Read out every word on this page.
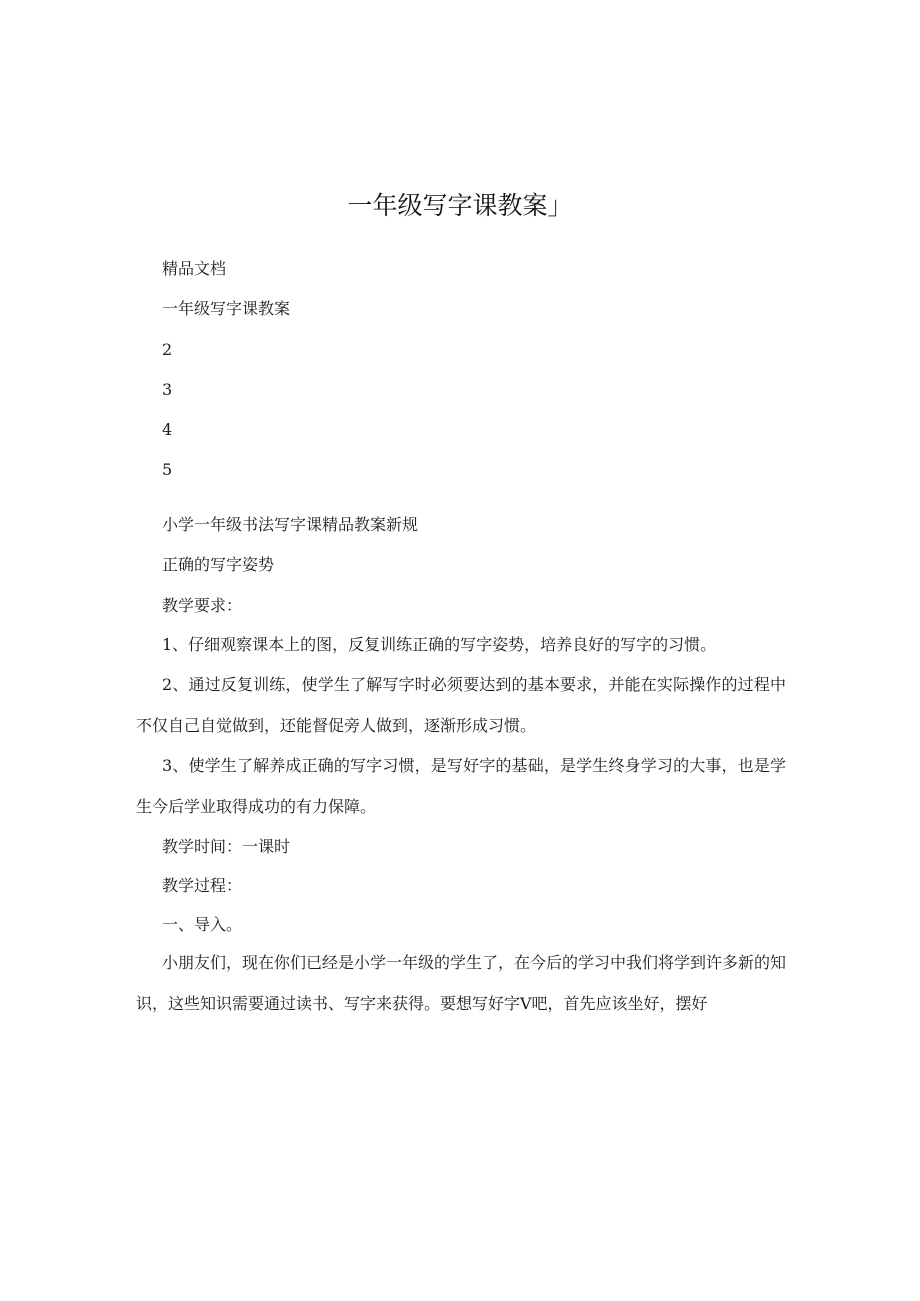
一年级写字课教案」

精品文档

一年级写字课教案

2

3

4

5

小学一年级书法写字课精品教案新规

正确的写字姿势

教学要求：

1、仔细观察课本上的图，反复训练正确的写字姿势，培养良好的写字的习惯。

2、通过反复训练，使学生了解写字时必须要达到的基本要求，并能在实际操作的过程中不仅自己自觉做到，还能督促旁人做到，逐渐形成习惯。

3、使学生了解养成正确的写字习惯，是写好字的基础，是学生终身学习的大事，也是学生今后学业取得成功的有力保障。

教学时间：一课时

教学过程：

一、导入。

小朋友们，现在你们已经是小学一年级的学生了，在今后的学习中我们将学到许多新的知识，这些知识需要通过读书、写字来获得。要想写好字V吧，首先应该坐好，摆好
